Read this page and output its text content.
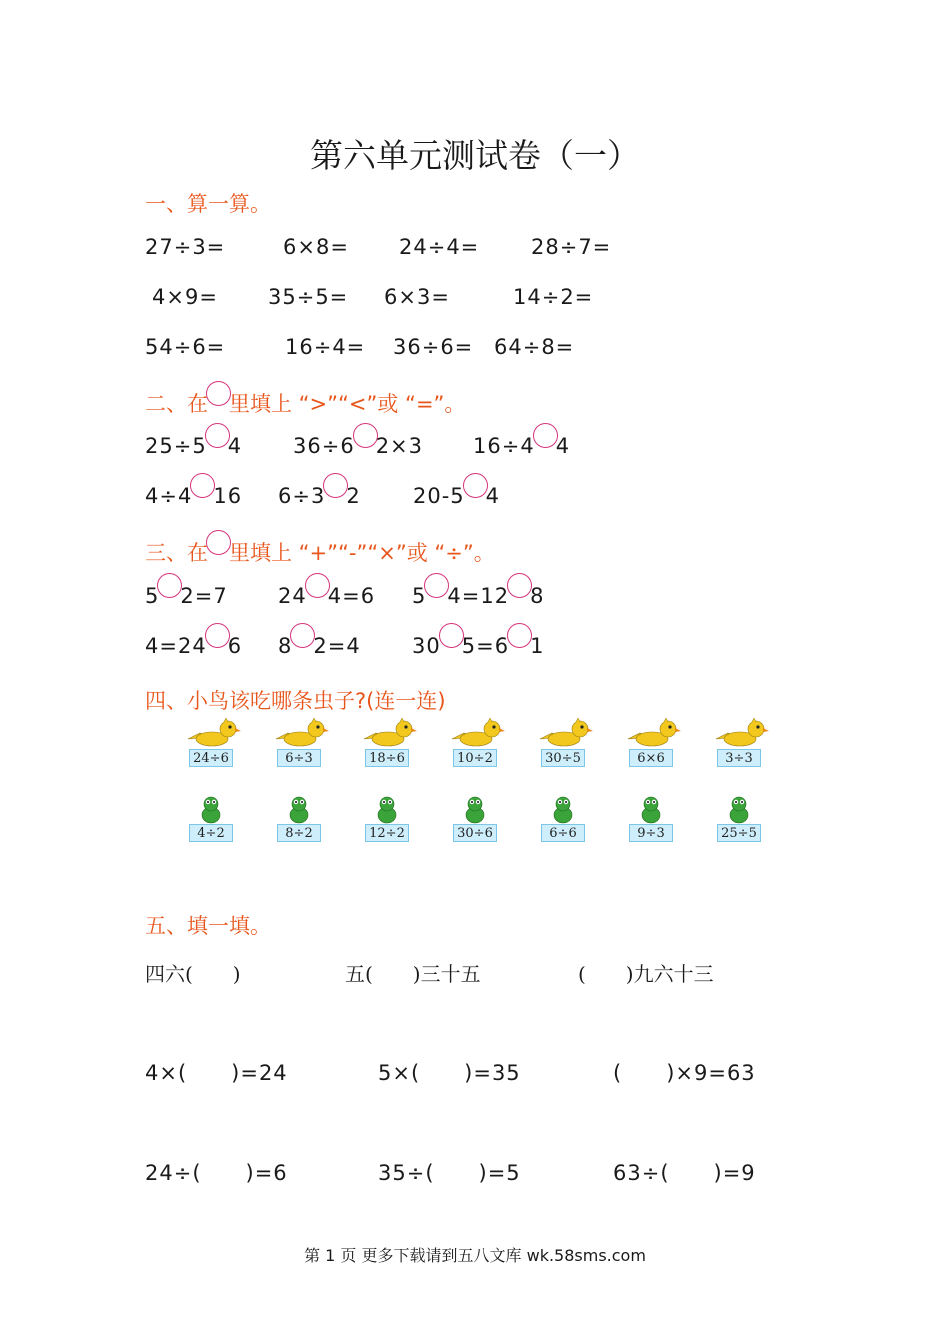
第六单元测试卷（一）
一、算一算。
27÷3=	6×8= 24÷4= 28÷7=
4×9= 35÷5= 6×3=	14÷2=
54÷6=	16÷4= 36÷6= 64÷8=
二、在 里填上 “>”“<”或 “=”。
25÷5 4 36÷6 2×3 16÷4 4
4÷4 16 6÷3 2 20-5 4
三、在 里填上 “+”“-”“×”或 “÷”。
5 2=7 24 4=6 5 4=12 8
4=24 6 8 2=4 30 5=6 1
四、小鸟该吃哪条虫子?(连一连)
24÷6	6÷3	18÷6	10÷2	30÷5	6×6	3÷3
4÷2	8÷2	12÷2	30÷6	6÷6	9÷3	25÷5
五、填一填。
四六(　　)	五(　　)三十五	(　　)九六十三
4×(　　)=24	5×(　　)=35	(　　)×9=63
24÷(　　)=6	35÷(　　)=5	63÷(　　)=9
第 1 页 更多下载请到五八文库 wk.58sms.com
